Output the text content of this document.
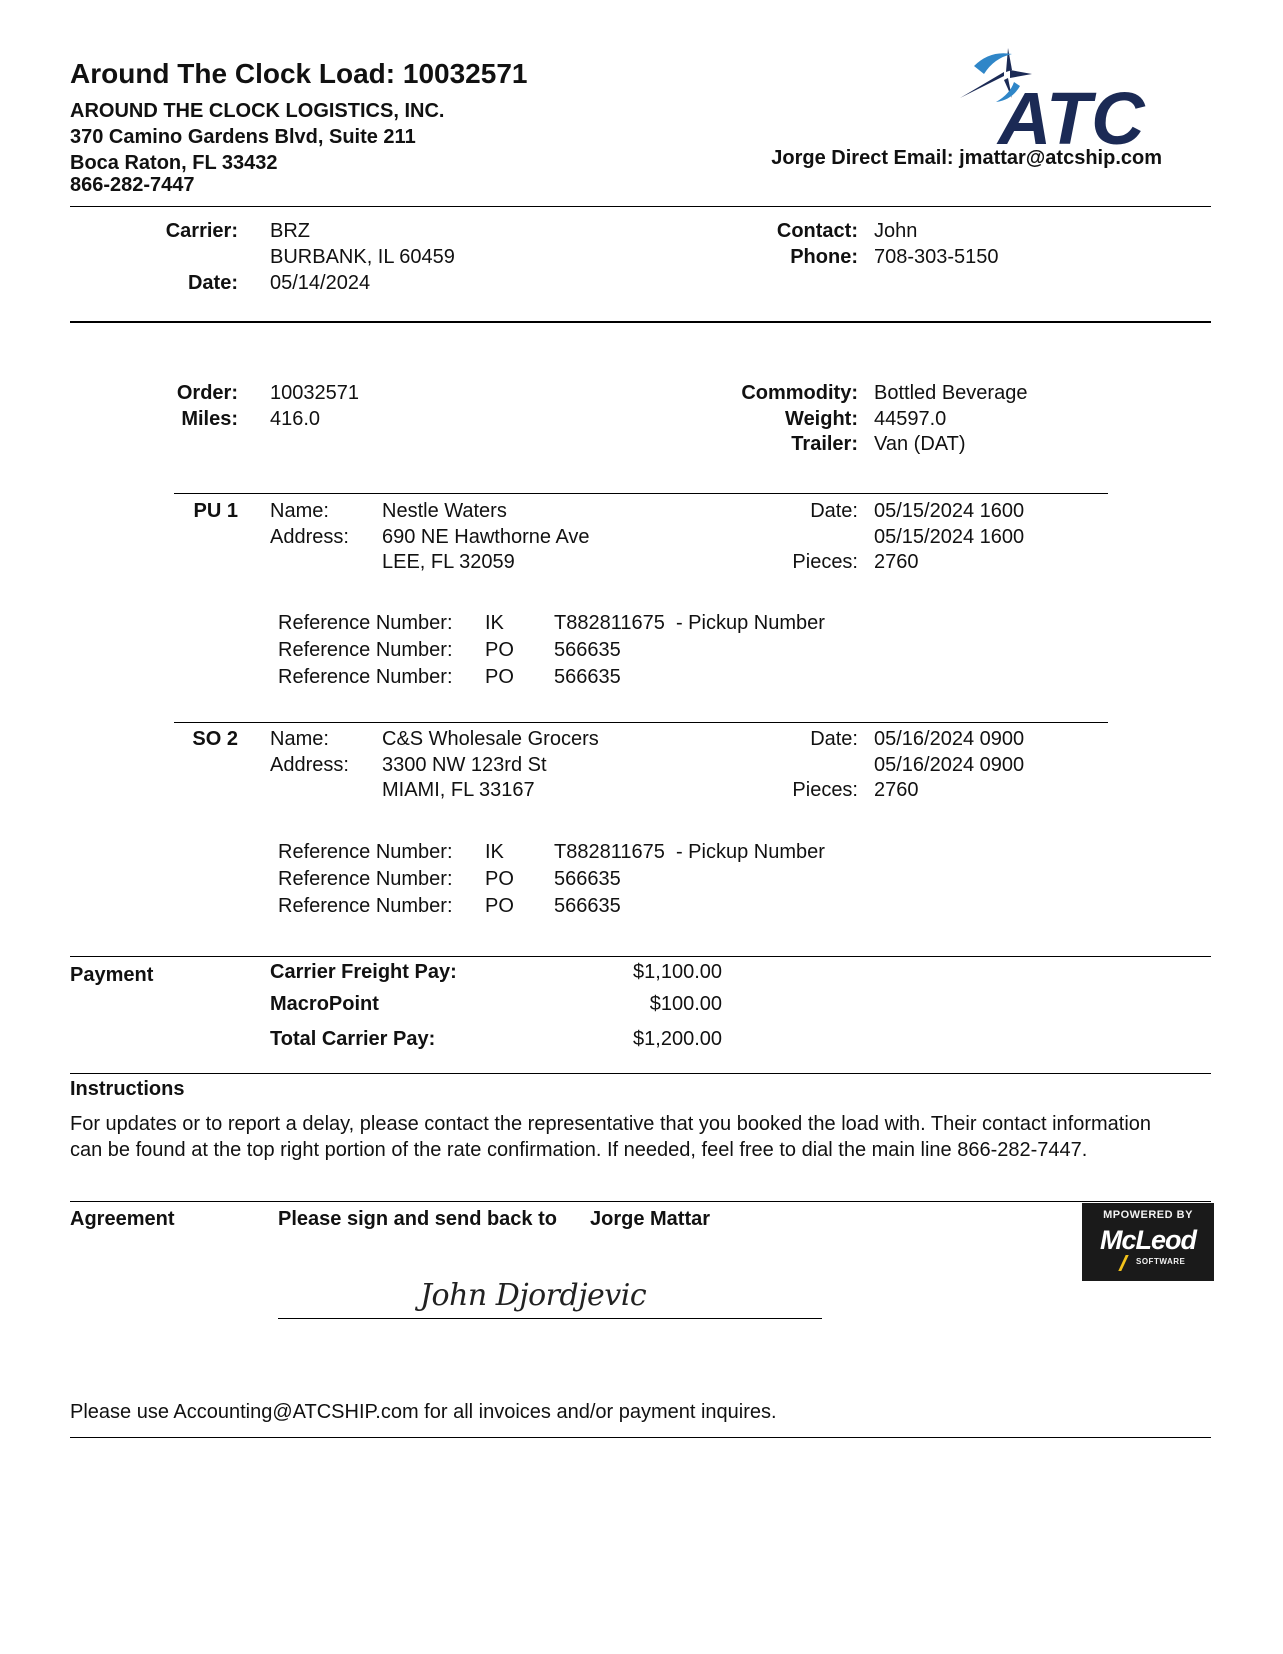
Around The Clock Load: 10032571
AROUND THE CLOCK LOGISTICS, INC.
370 Camino Gardens Blvd, Suite 211
Boca Raton, FL 33432
866-282-7447
ATC
Jorge Direct Email: jmattar@atcship.com
Carrier: BRZ
BURBANK, IL 60459
Date: 05/14/2024
Contact: John
Phone: 708-303-5150
Order: 10032571
Miles: 416.0
Commodity: Bottled Beverage
Weight: 44597.0
Trailer: Van (DAT)
PU 1 Name:	Nestle Waters
Address: 690 NE Hawthorne Ave
LEE, FL 32059
Date: 05/15/2024 1600
05/15/2024 1600
Pieces: 2760
Reference Number: IK	T882811675  - Pickup Number
Reference Number: PO 566635
Reference Number: PO 566635
SO 2 Name:	C&S Wholesale Grocers
Address: 3300 NW 123rd St
MIAMI, FL 33167
Date: 05/16/2024 0900
05/16/2024 0900
Pieces: 2760
Reference Number: IK	T882811675  - Pickup Number
Reference Number: PO 566635
Reference Number: PO 566635
Payment	Carrier Freight Pay:	$1,100.00
MacroPoint	$100.00
Total Carrier Pay:	$1,200.00
Instructions
For updates or to report a delay, please contact the representative that you booked the load with. Their contact information
can be found at the top right portion of the rate confirmation. If needed, feel free to dial the main line 866-282-7447.
Agreement	Please sign and send back to Jorge Mattar	MPOWERED BY
McLeod
SOFTWARE
John Djordjevic
Please use Accounting@ATCSHIP.com for all invoices and/or payment inquires.
